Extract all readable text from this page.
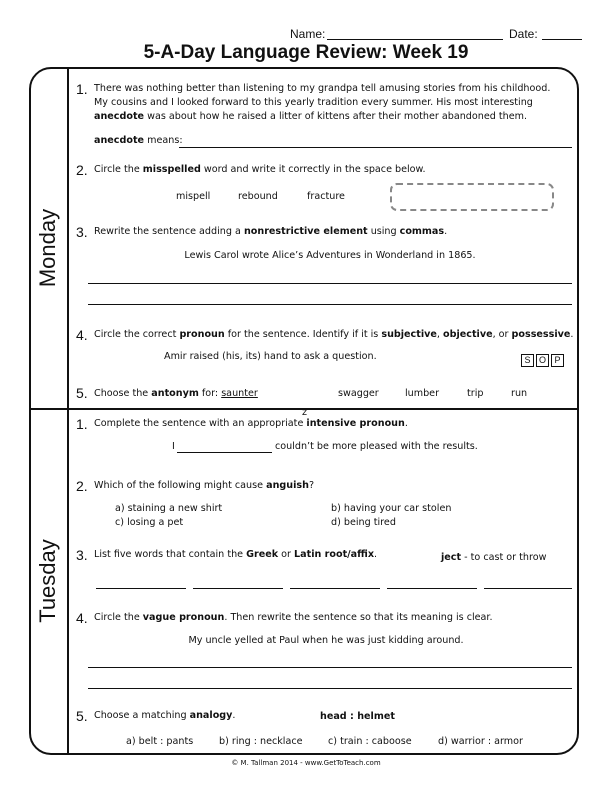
Name:	Date:
5-A-Day Language Review: Week 19
Monday
Tuesday
1. There was nothing better than listening to my grandpa tell amusing stories from his childhood.
My cousins and I looked forward to this yearly tradition every summer. His most interesting
anecdote was about how he raised a litter of kittens after their mother abandoned them.
anecdote means:
2. Circle the misspelled word and write it correctly in the space below.
mispell	rebound	fracture
3. Rewrite the sentence adding a nonrestrictive element using commas.
Lewis Carol wrote Alice’s Adventures in Wonderland in 1865.
4. Circle the correct pronoun for the sentence. Identify if it is subjective, objective, or possessive.
Amir raised (his, its) hand to ask a question.	S O P
5. Choose the antonym for: saunter	swagger	lumber	trip	run
1. Complete the sentence with an appropriate intensive pronoun.
z
I	couldn’t be more pleased with the results.
2. Which of the following might cause anguish?
a) staining a new shirt	b) having your car stolen
c) losing a pet	d) being tired
3. List five words that contain the Greek or Latin root/affix.	ject - to cast or throw
4. Circle the vague pronoun. Then rewrite the sentence so that its meaning is clear.
My uncle yelled at Paul when he was just kidding around.
5. Choose a matching analogy.	head : helmet
a) belt : pants	b) ring : necklace	c) train : caboose	d) warrior : armor
© M. Tallman 2014 - www.GetToTeach.com
